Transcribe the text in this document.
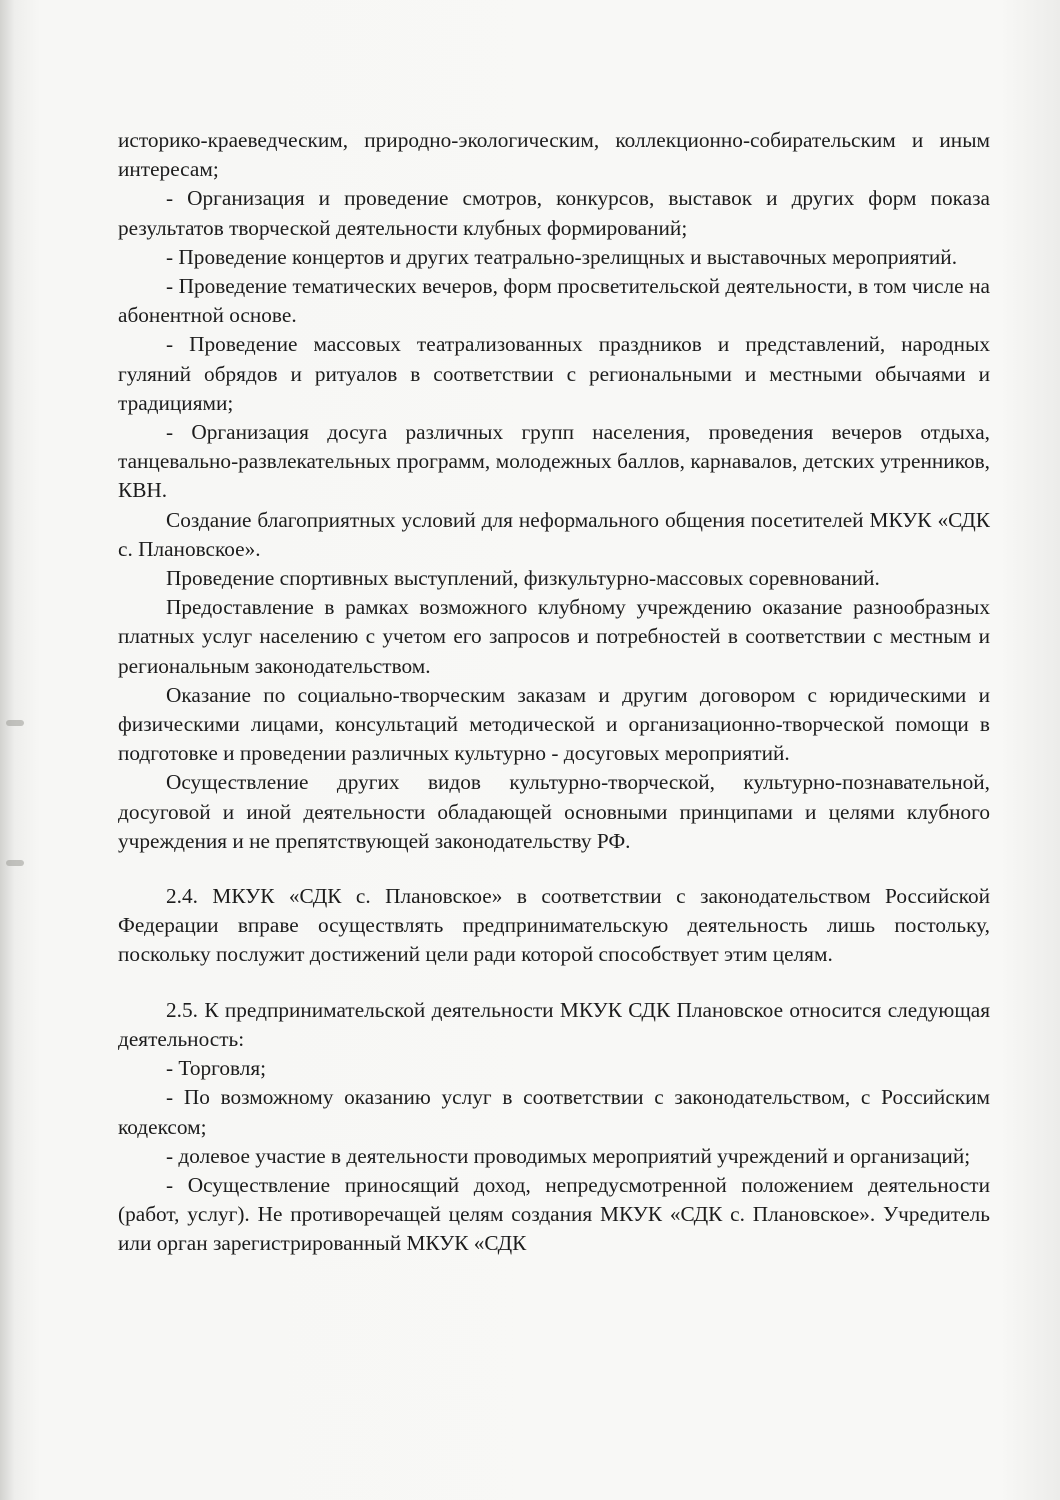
историко-краеведческим, природно-экологическим, коллекционно-собирательским и иным интересам;

- Организация и проведение смотров, конкурсов, выставок и других форм показа результатов творческой деятельности клубных формирований;

- Проведение концертов и других театрально-зрелищных и выставочных мероприятий.

- Проведение тематических вечеров, форм просветительской деятельности, в том числе на абонентной основе.

- Проведение массовых театрализованных праздников и представлений, народных гуляний обрядов и ритуалов в соответствии с региональными и местными обычаями и традициями;

- Организация досуга различных групп населения, проведения вечеров отдыха, танцевально-развлекательных программ, молодежных баллов, карнавалов, детских утренников, КВН.

Создание благоприятных условий для неформального общения посетителей МКУК «СДК с. Плановское».

Проведение спортивных выступлений, физкультурно-массовых соревнований.

Предоставление в рамках возможного клубному учреждению оказание разнообразных платных услуг населению с учетом его запросов и потребностей в соответствии с местным и региональным законодательством.

Оказание по социально-творческим заказам и другим договором с юридическими и физическими лицами, консультаций методической и организационно-творческой помощи в подготовке и проведении различных культурно - досуговых мероприятий.

Осуществление других видов культурно-творческой, культурно-познавательной, досуговой и иной деятельности обладающей основными принципами и целями клубного учреждения и не препятствующей законодательству РФ.

2.4. МКУК «СДК с. Плановское» в соответствии с законодательством Российской Федерации вправе осуществлять предпринимательскую деятельность лишь постольку, поскольку послужит достижений цели ради которой способствует этим целям.

2.5. К предпринимательской деятельности МКУК СДК Плановское относится следующая деятельность:

- Торговля;

- По возможному оказанию услуг в соответствии с законодательством, с Российским кодексом;

- долевое участие в деятельности проводимых мероприятий учреждений и организаций;

- Осуществление приносящий доход, непредусмотренной положением деятельности (работ, услуг). Не противоречащей целям создания МКУК «СДК с. Плановское». Учредитель или орган зарегистрированный МКУК «СДК
